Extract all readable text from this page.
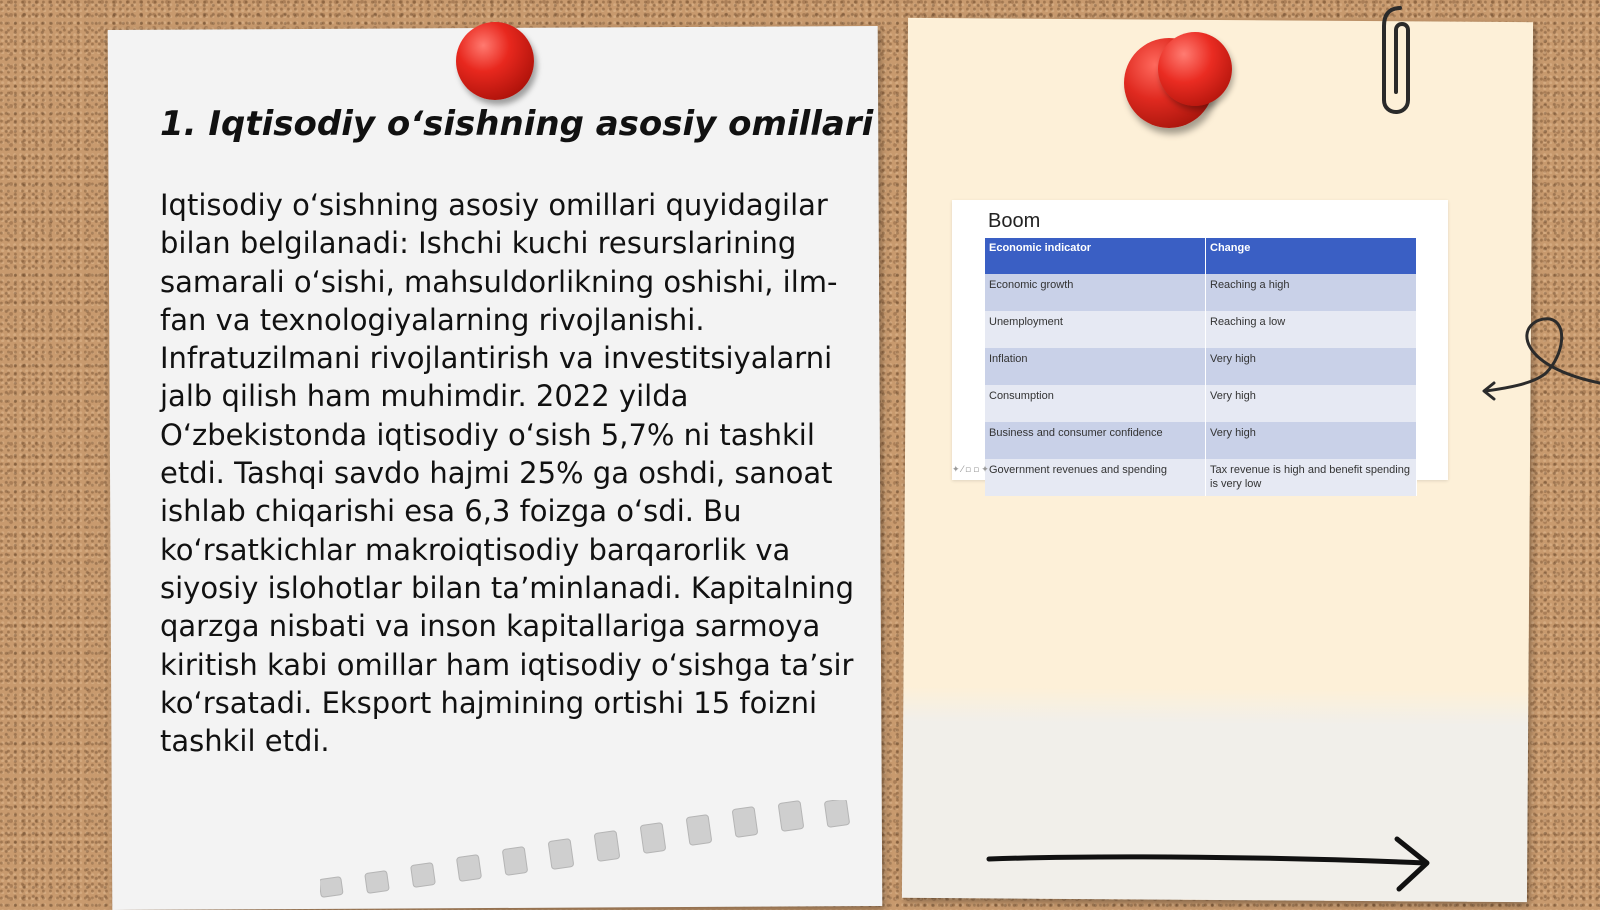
1. Iqtisodiy o‘sishning asosiy omillari

Iqtisodiy o‘sishning asosiy omillari quyidagilar bilan belgilanadi: Ishchi kuchi resurslarining samarali o‘sishi, mahsuldorlikning oshishi, ilm-fan va texnologiyalarning rivojlanishi. Infratuzilmani rivojlantirish va investitsiyalarni jalb qilish ham muhimdir. 2022 yilda O‘zbekistonda iqtisodiy o‘sish 5,7% ni tashkil etdi. Tashqi savdo hajmi 25% ga oshdi, sanoat ishlab chiqarishi esa 6,3 foizga o‘sdi. Bu ko‘rsatkichlar makroiqtisodiy barqarorlik va siyosiy islohotlar bilan ta’minlanadi. Kapitalning qarzga nisbati va inson kapitallariga sarmoya kiritish kabi omillar ham iqtisodiy o‘sishga ta’sir ko‘rsatadi. Eksport hajmining ortishi 15 foizni tashkil etdi.

Boom
Economic indicator	Change
Economic growth	Reaching a high
Unemployment	Reaching a low
Inflation	Very high
Consumption	Very high
Business and consumer confidence	Very high
Government revenues and spending	Tax revenue is high and benefit spending is very low
✦⁄▫▫✦
